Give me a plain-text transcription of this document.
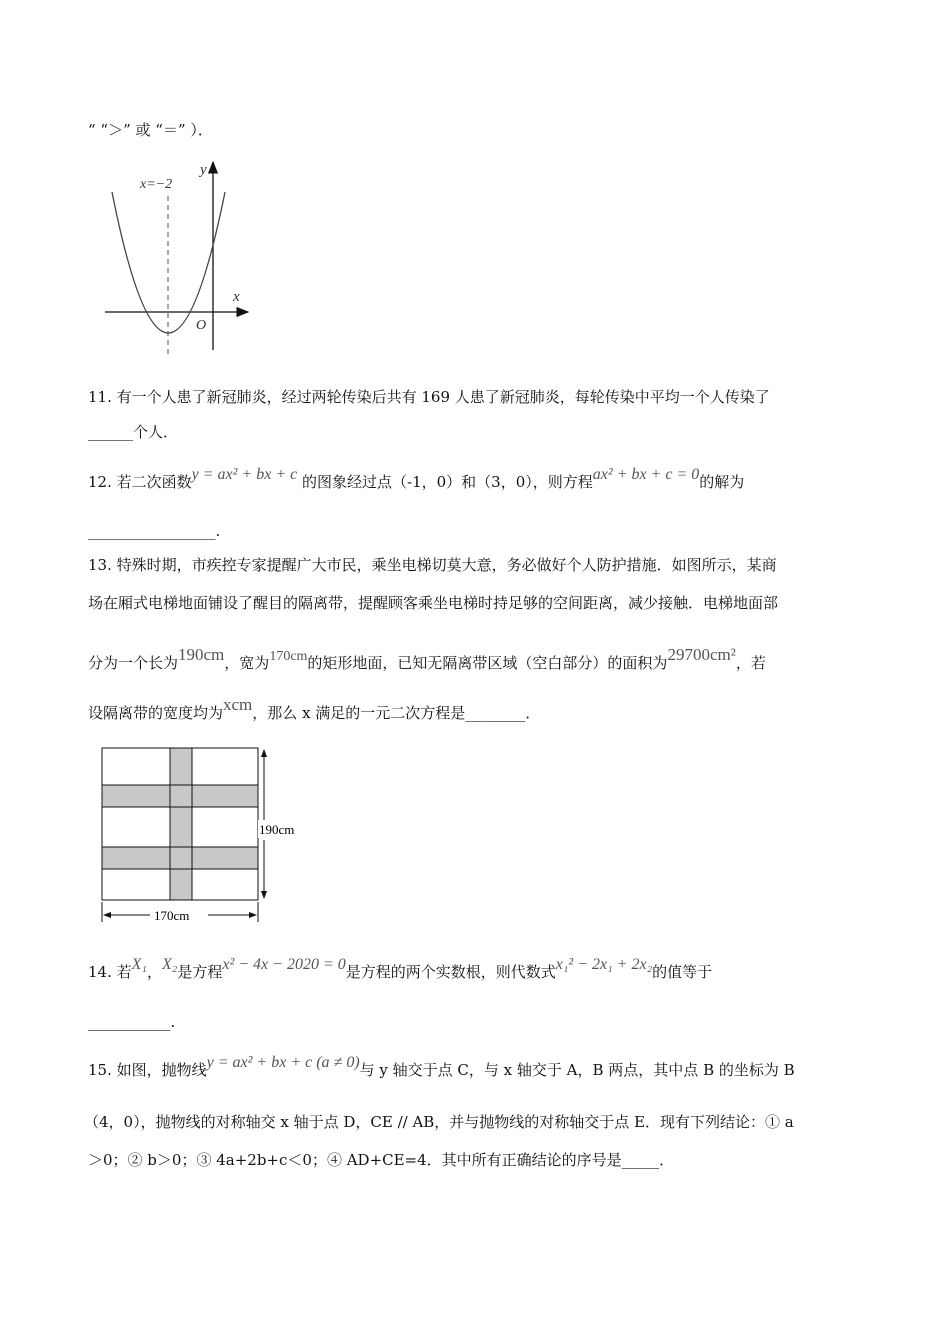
“ “＞” 或 “＝” ）．
x=−2
y
x
O
11. 有一个人患了新冠肺炎，经过两轮传染后共有 169 人患了新冠肺炎，每轮传染中平均一个人传染了
______个人．
12. 若二次函数y = ax² + bx + c 的图象经过点（-1，0）和（3，0），则方程ax² + bx + c = 0的解为
_________________.
13. 特殊时期，市疾控专家提醒广大市民，乘坐电梯切莫大意，务必做好个人防护措施．如图所示，某商
场在厢式电梯地面铺设了醒目的隔离带，提醒顾客乘坐电梯时持足够的空间距离，减少接触．电梯地面部
分为一个长为190cm，宽为170cm的矩形地面，已知无隔离带区域（空白部分）的面积为29700cm²，若
设隔离带的宽度均为xcm，那么 x 满足的一元二次方程是________．
190cm
170cm
14. 若X₁，X₂是方程x² − 4x − 2020 = 0是方程的两个实数根，则代数式x₁² − 2x₁ + 2x₂的值等于
___________.
15. 如图，抛物线y = ax² + bx + c (a ≠ 0)与 y 轴交于点 C，与 x 轴交于 A，B 两点，其中点 B 的坐标为 B
（4，0），抛物线的对称轴交 x 轴于点 D，CE // AB，并与抛物线的对称轴交于点 E．现有下列结论：① a
＞0；② b＞0；③ 4a+2b+c＜0；④ AD+CE=4．其中所有正确结论的序号是_____．
